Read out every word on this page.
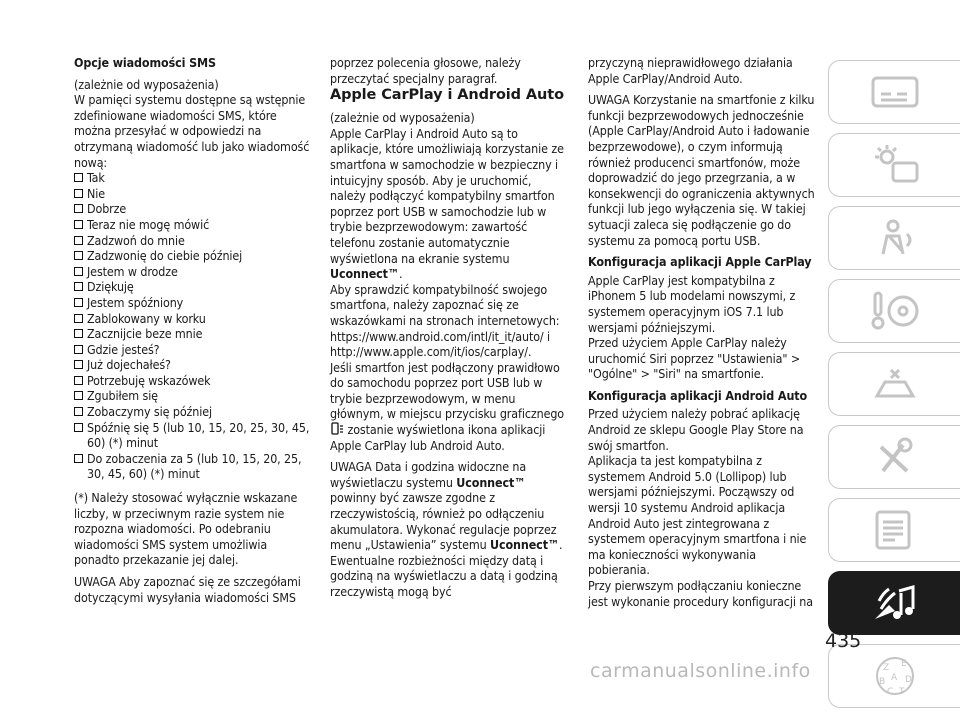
Opcje wiadomości SMS

(zależnie od wyposażenia)

W pamięci systemu dostępne są wstępnie zdefiniowane wiadomości SMS, które można przesyłać w odpowiedzi na otrzymaną wiadomość lub jako wiadomość nową:

Tak
Nie
Dobrze
Teraz nie mogę mówić
Zadzwoń do mnie
Zadzwonię do ciebie później
Jestem w drodze
Dziękuję
Jestem spóźniony
Zablokowany w korku
Zacznijcie beze mnie
Gdzie jesteś?
Już dojechałeś?
Potrzebuję wskazówek
Zgubiłem się
Zobaczymy się później
Spóźnię się 5 (lub 10, 15, 20, 25, 30, 45, 60) (*) minut
Do zobaczenia za 5 (lub 10, 15, 20, 25, 30, 45, 60) (*) minut

(*) Należy stosować wyłącznie wskazane liczby, w przeciwnym razie system nie rozpozna wiadomości. Po odebraniu wiadomości SMS system umożliwia ponadto przekazanie jej dalej.

UWAGA Aby zapoznać się ze szczegółami dotyczącymi wysyłania wiadomości SMS

poprzez polecenia głosowe, należy przeczytać specjalny paragraf.

Apple CarPlay i Android Auto

(zależnie od wyposażenia)

Apple CarPlay i Android Auto są to aplikacje, które umożliwiają korzystanie ze smartfona w samochodzie w bezpieczny i intuicyjny sposób. Aby je uruchomić, należy podłączyć kompatybilny smartfon poprzez port USB w samochodzie lub w trybie bezprzewodowym: zawartość telefonu zostanie automatycznie wyświetlona na ekranie systemu Uconnect™.

Aby sprawdzić kompatybilność swojego smartfona, należy zapoznać się ze wskazówkami na stronach internetowych:

https://www.android.com/intl/it_it/auto/ i http://www.apple.com/it/ios/carplay/.

Jeśli smartfon jest podłączony prawidłowo do samochodu poprzez port USB lub w trybie bezprzewodowym, w menu głównym, w miejscu przycisku graficznego  zostanie wyświetlona ikona aplikacji Apple CarPlay lub Android Auto.

UWAGA Data i godzina widoczne na wyświetlaczu systemu Uconnect™ powinny być zawsze zgodne z rzeczywistością, również po odłączeniu akumulatora. Wykonać regulacje poprzez menu „Ustawienia” systemu Uconnect™. Ewentualne rozbieżności między datą i godziną na wyświetlaczu a datą i godziną rzeczywistą mogą być

przyczyną nieprawidłowego działania Apple CarPlay/Android Auto.

UWAGA Korzystanie na smartfonie z kilku funkcji bezprzewodowych jednocześnie (Apple CarPlay/Android Auto i ładowanie bezprzewodowe), o czym informują również producenci smartfonów, może doprowadzić do jego przegrzania, a w konsekwencji do ograniczenia aktywnych funkcji lub jego wyłączenia się. W takiej sytuacji zaleca się podłączenie go do systemu za pomocą portu USB.

Konfiguracja aplikacji Apple CarPlay

Apple CarPlay jest kompatybilna z iPhonem 5 lub modelami nowszymi, z systemem operacyjnym iOS 7.1 lub wersjami późniejszymi.

Przed użyciem Apple CarPlay należy uruchomić Siri poprzez "Ustawienia" > "Ogólne" > "Siri" na smartfonie.

Konfiguracja aplikacji Android Auto

Przed użyciem należy pobrać aplikację Android ze sklepu Google Play Store na swój smartfon.

Aplikacja ta jest kompatybilna z systemem Android 5.0 (Lollipop) lub wersjami późniejszymi. Począwszy od wersji 10 systemu Android aplikacja Android Auto jest zintegrowana z systemem operacyjnym smartfona i nie ma konieczności wykonywania pobierania.

Przy pierwszym podłączaniu konieczne jest wykonanie procedury konfiguracji na

Z E
B A D
C T
435
carmanualsonline.info
